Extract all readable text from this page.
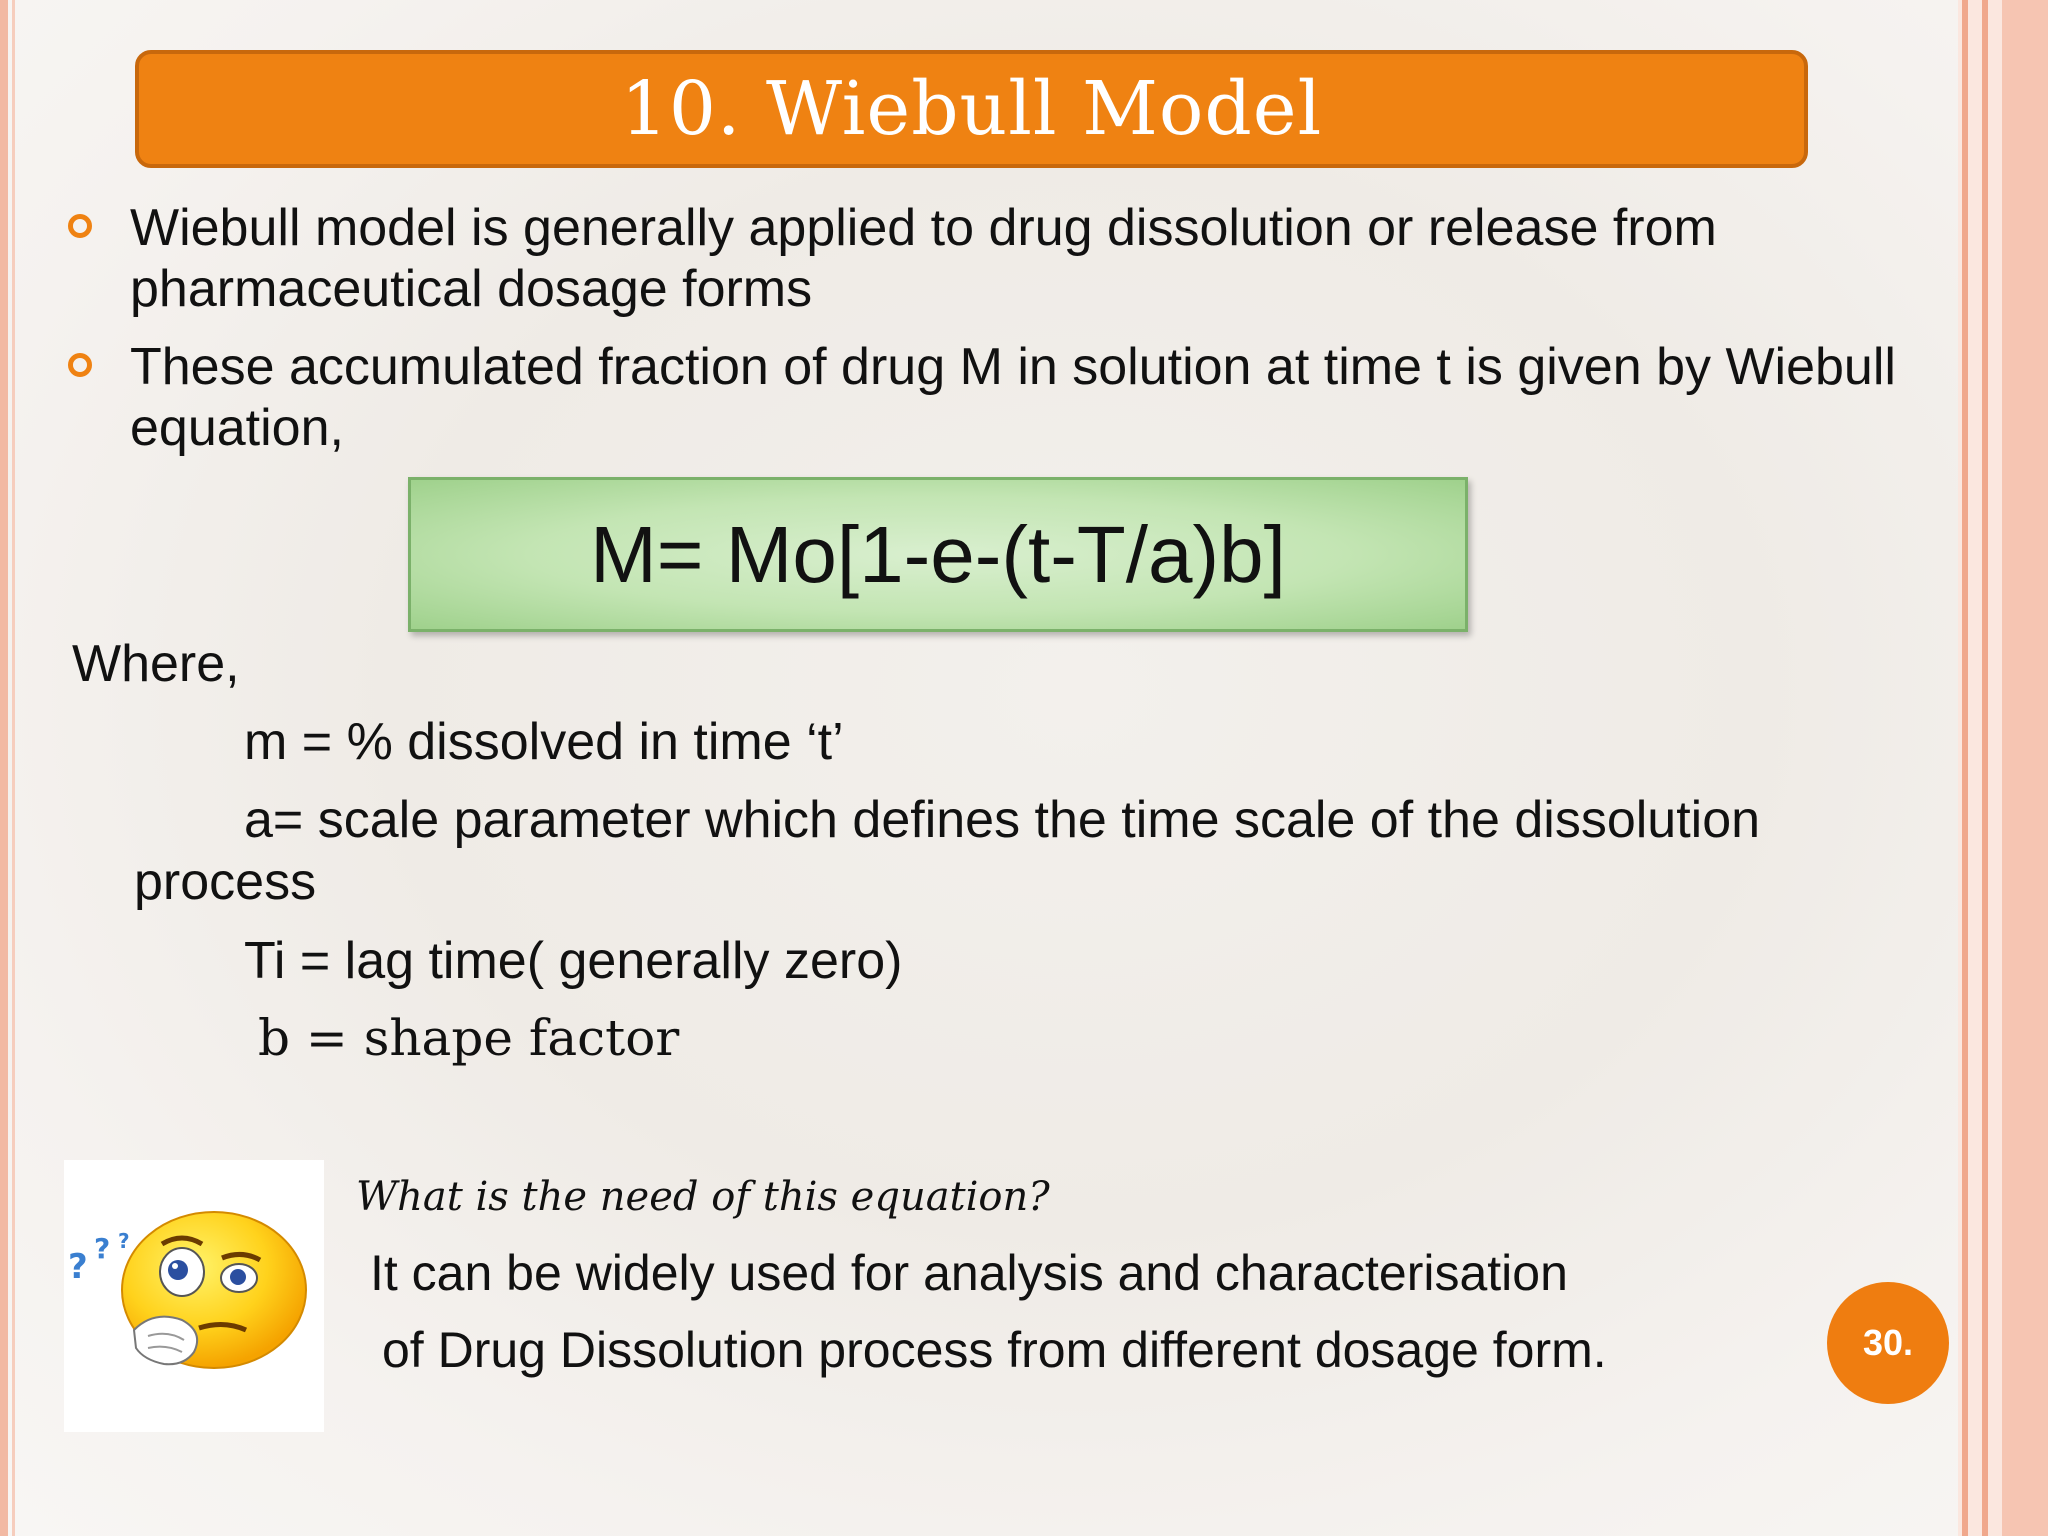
10. Wiebull Model
Wiebull model is generally applied to drug dissolution or release from pharmaceutical dosage forms
These accumulated fraction of drug M in solution at time t is given by Wiebull equation,
M= Mo[1-e-(t-T/a)b]
Where,
m = % dissolved in time ‘t’
a= scale parameter which defines the time scale of the dissolution
process
Ti = lag time( generally zero)
b = shape factor
? ? ?
What is the need of this equation?
It can be widely used for analysis and characterisation
of Drug Dissolution process from different dosage form.	30.
